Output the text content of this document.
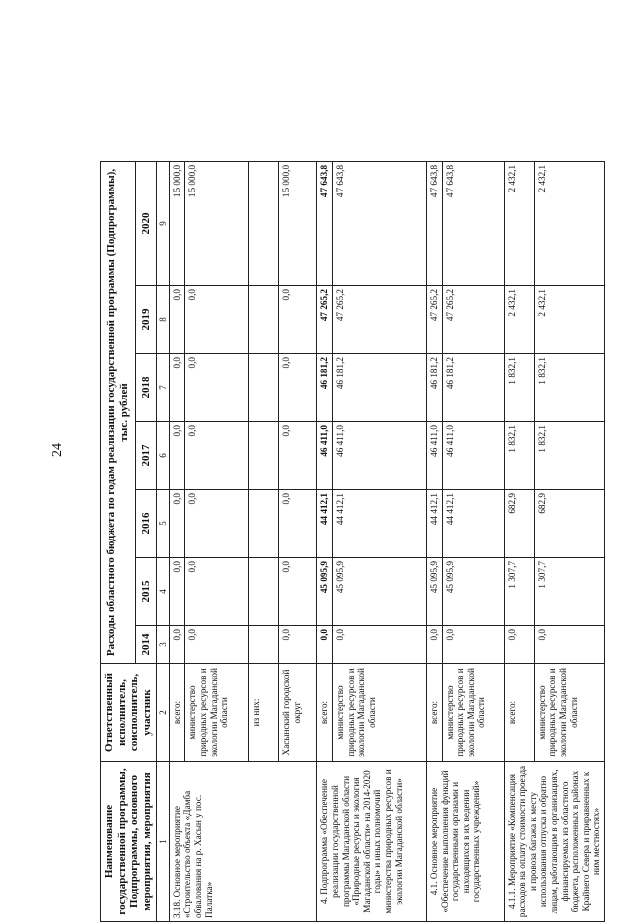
24
Наименование государственной программы, Подпрограммы, основного мероприятия, мероприятия	Ответственный исполнитель, соисполнитель, участник	Расходы областного бюджета по годам реализации государственной программы (Подпрограммы), тыс. рублей						
		2014	2015	2016	2017	2018	2019	2020
1	2	3	4	5	6	7	8	9
3.18. Основное мероприятие «Строительство объекта «Дамба обвалования на р. Хасын у пос. Палатка»	всего:	0,0	0,0	0,0	0,0	0,0	0,0	15 000,0
	министерство природных ресурсов и экологии Магаданской области	0,0	0,0	0,0	0,0	0,0	0,0	15 000,0
	из них:							
	Хасынский городской округ	0,0	0,0	0,0	0,0	0,0	0,0	15 000,0
4. Подпрограмма «Обеспечение реализации государственной программы Магаданской области «Природные ресурсы и экология Магаданской области» на 2014-2020 годы» и иных полномочий министерства природных ресурсов и экологии Магаданской области»	всего:	0,0	45 095,9	44 412,1	46 411,0	46 181,2	47 265,2	47 643,8
	министерство природных ресурсов и экологии Магаданской области	0,0	45 095,9	44 412,1	46 411,0	46 181,2	47 265,2	47 643,8
4.1. Основное мероприятие «Обеспечение выполнения функций государственными органами и находящихся в их ведении государственных учреждений»	всего:	0,0	45 095,9	44 412,1	46 411,0	46 181,2	47 265,2	47 643,8
	министерство природных ресурсов и экологии Магаданской области	0,0	45 095,9	44 412,1	46 411,0	46 181,2	47 265,2	47 643,8
4.1.1. Мероприятие «Компенсация расходов на оплату стоимости проезда и провоза багажа к месту использования отпуска и обратно лицам, работающим в организациях, финансируемых из областного бюджета, расположенных в районах Крайнего Севера и приравненных к ним местностях»	всего:	0,0	1 307,7	682,9	1 832,1	1 832,1	2 432,1	2 432,1
	министерство природных ресурсов и экологии Магаданской области	0,0	1 307,7	682,9	1 832,1	1 832,1	2 432,1	2 432,1
